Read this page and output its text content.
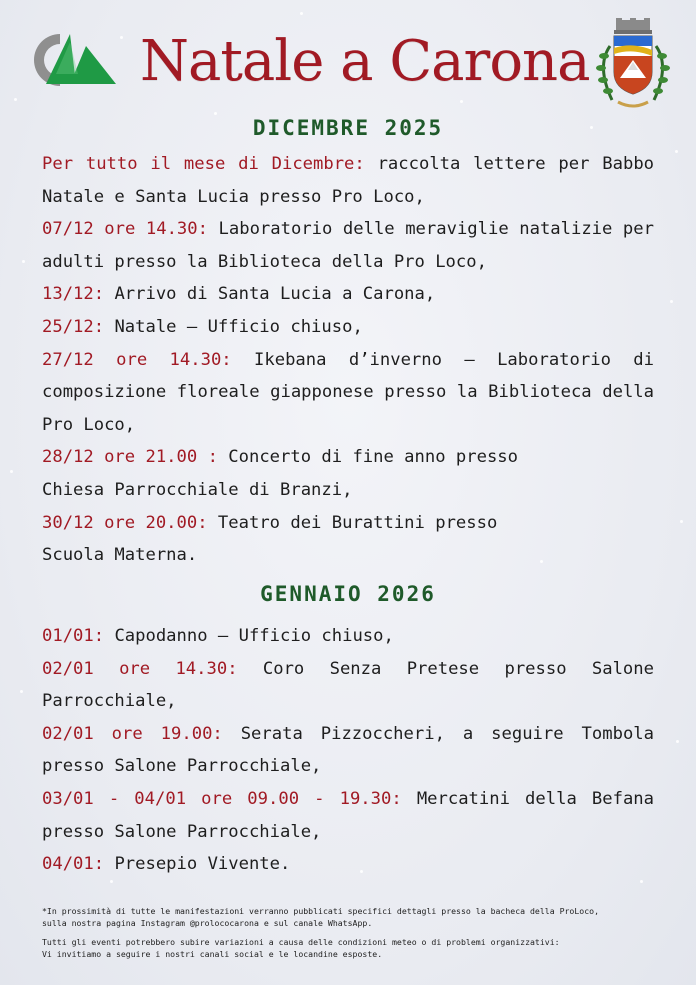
Natale a Carona
DICEMBRE 2025

Per tutto il mese di Dicembre: raccolta lettere per Babbo Natale e Santa Lucia presso Pro Loco,

07/12 ore 14.30: Laboratorio delle meraviglie natalizie per adulti presso la Biblioteca della Pro Loco,

13/12: Arrivo di Santa Lucia a Carona,

25/12: Natale – Ufficio chiuso,

27/12 ore 14.30: Ikebana d’inverno – Laboratorio di composizione floreale giapponese presso la Biblioteca della Pro Loco,

28/12 ore 21.00 : Concerto di fine anno presso
Chiesa Parrocchiale di Branzi,

30/12 ore 20.00: Teatro dei Burattini presso
Scuola Materna.

GENNAIO 2026

01/01: Capodanno – Ufficio chiuso,

02/01 ore 14.30: Coro Senza Pretese presso Salone Parrocchiale,

02/01 ore 19.00: Serata Pizzoccheri, a seguire Tombola presso Salone Parrocchiale,

03/01 - 04/01 ore 09.00 - 19.30: Mercatini della Befana presso Salone Parrocchiale,

04/01: Presepio Vivente.

*In prossimità di tutte le manifestazioni verranno pubblicati specifici dettagli presso la bacheca della ProLoco,
sulla nostra pagina Instagram @prolococarona e sul canale WhatsApp.

Tutti gli eventi potrebbero subire variazioni a causa delle condizioni meteo o di problemi organizzativi:
Vi invitiamo a seguire i nostri canali social e le locandine esposte.
